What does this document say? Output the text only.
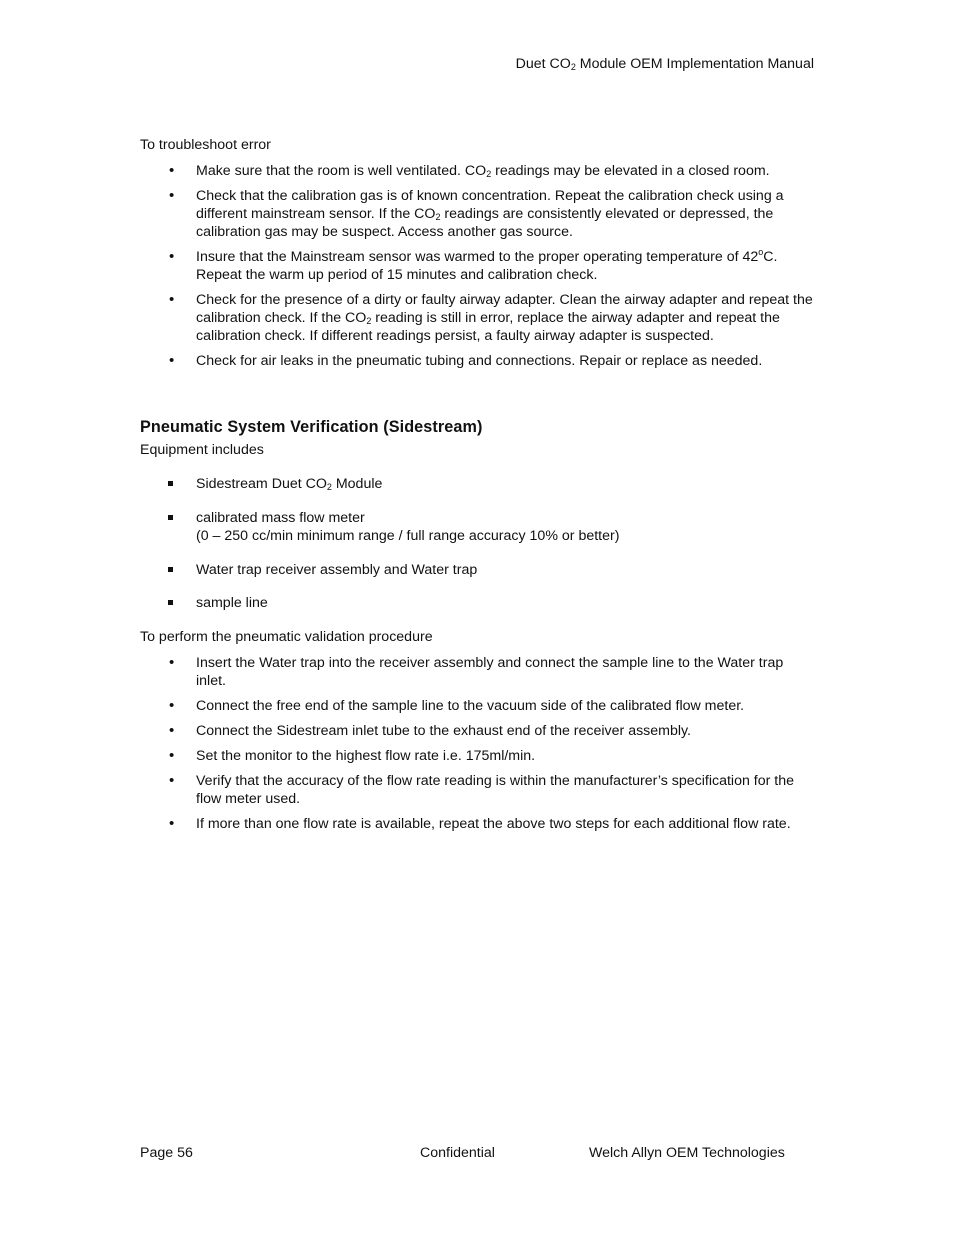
Duet $CO_2$ Module OEM Implementation Manual

To troubleshoot error

• Make sure that the room is well ventilated. $CO_2$ readings may be elevated in a closed room.
• Check that the calibration gas is of known concentration. Repeat the calibration check using a different mainstream sensor. If the $CO_2$ readings are consistently elevated or depressed, the calibration gas may be suspect. Access another gas source.
• Insure that the Mainstream sensor was warmed to the proper operating temperature of 42$^o$C. Repeat the warm up period of 15 minutes and calibration check.
• Check for the presence of a dirty or faulty airway adapter. Clean the airway adapter and repeat the calibration check. If the $CO_2$ reading is still in error, replace the airway adapter and repeat the calibration check. If different readings persist, a faulty airway adapter is suspected.
• Check for air leaks in the pneumatic tubing and connections. Repair or replace as needed.
Pneumatic System Verification (Sidestream)

Equipment includes

Sidestream Duet $CO_2$ Module
calibrated mass flow meter
(0 – 250 cc/min minimum range / full range accuracy 10% or better)
Water trap receiver assembly and Water trap
sample line

To perform the pneumatic validation procedure

• Insert the Water trap into the receiver assembly and connect the sample line to the Water trap inlet.
• Connect the free end of the sample line to the vacuum side of the calibrated flow meter.
• Connect the Sidestream inlet tube to the exhaust end of the receiver assembly.
• Set the monitor to the highest flow rate i.e. 175ml/min.
• Verify that the accuracy of the flow rate reading is within the manufacturer’s specification for the flow meter used.
• If more than one flow rate is available, repeat the above two steps for each additional flow rate.
Page 56	Confidential	Welch Allyn OEM Technologies
